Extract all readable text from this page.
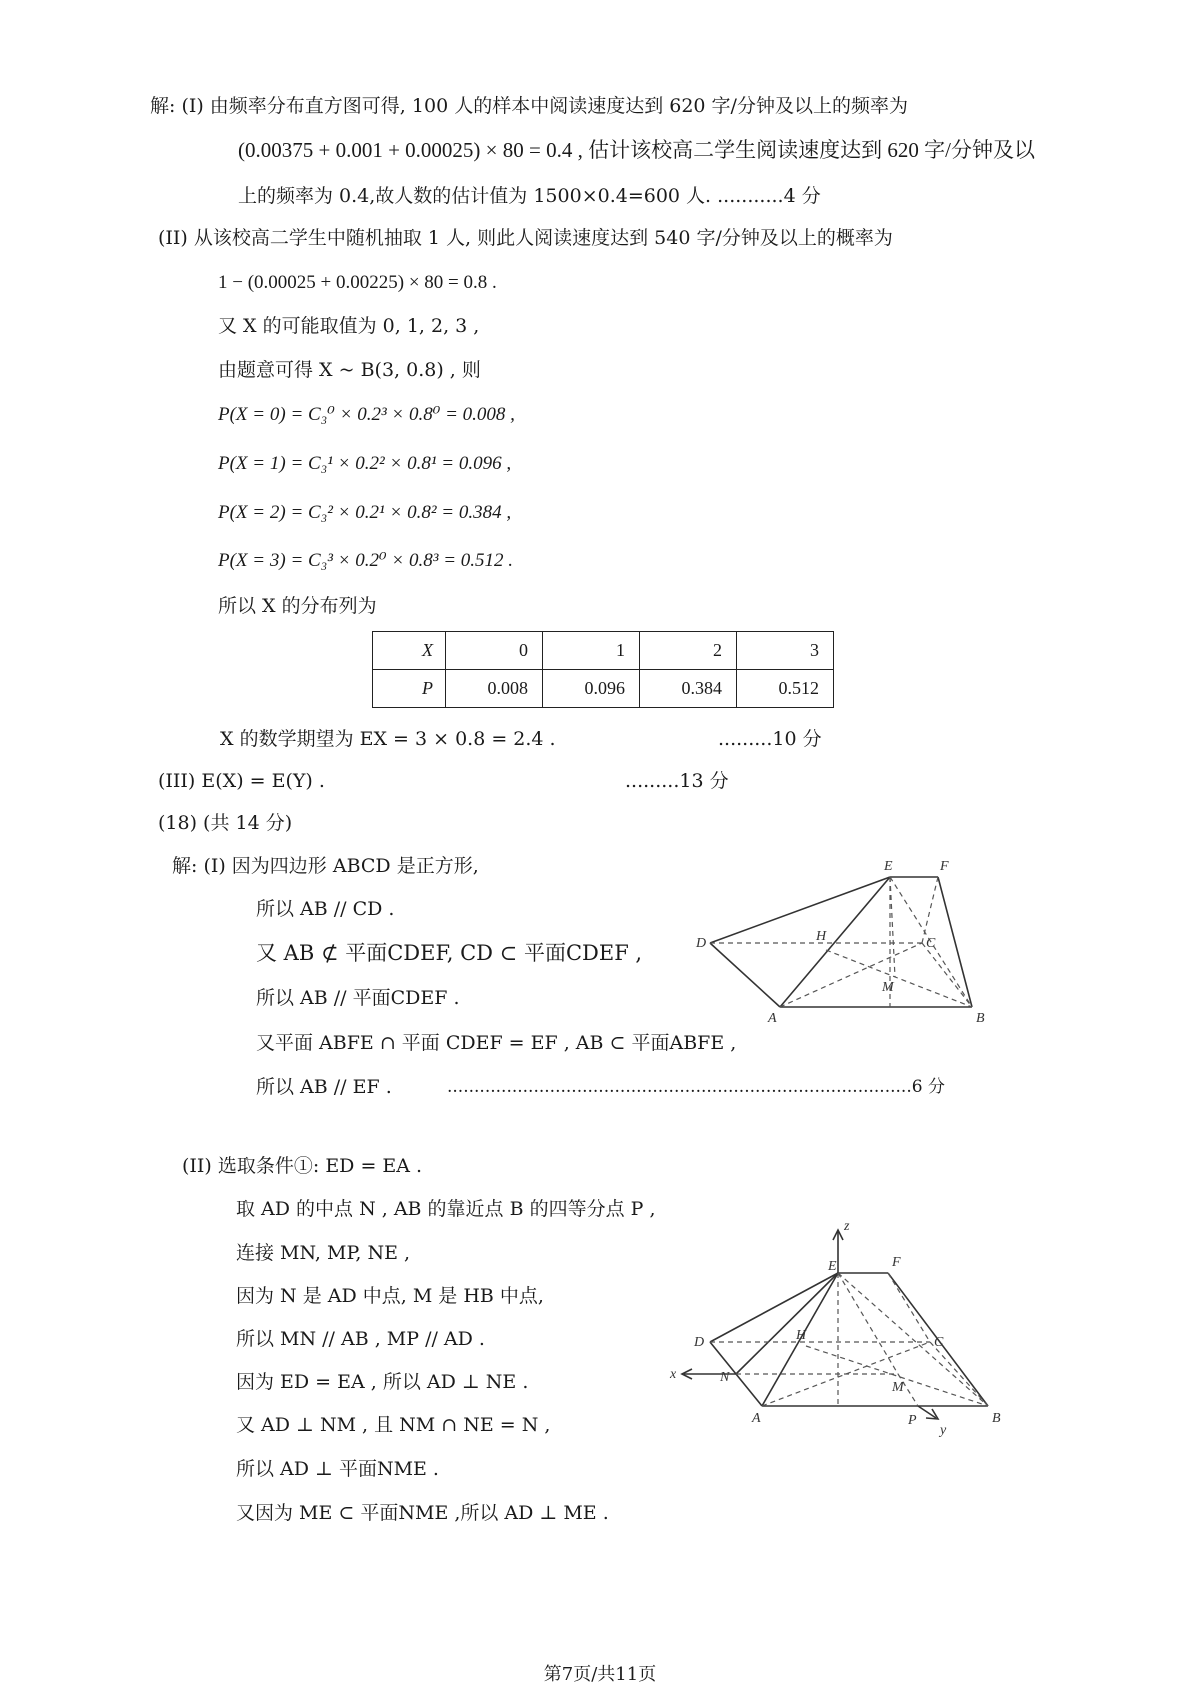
解: (I) 由频率分布直方图可得, 100 人的样本中阅读速度达到 620 字/分钟及以上的频率为
(0.00375 + 0.001 + 0.00025) × 80 = 0.4 , 估计该校高二学生阅读速度达到 620 字/分钟及以
上的频率为 0.4,故人数的估计值为 1500×0.4=600 人. ...........4 分
(II) 从该校高二学生中随机抽取 1 人, 则此人阅读速度达到 540 字/分钟及以上的概率为
1 − (0.00025 + 0.00225) × 80 = 0.8 .
又 X 的可能取值为 0, 1, 2, 3 ,
由题意可得 X ~ B(3, 0.8) , 则
P(X = 0) = C₃⁰ × 0.2³ × 0.8⁰ = 0.008 ,
P(X = 1) = C₃¹ × 0.2² × 0.8¹ = 0.096 ,
P(X = 2) = C₃² × 0.2¹ × 0.8² = 0.384 ,
P(X = 3) = C₃³ × 0.2⁰ × 0.8³ = 0.512 .
所以 X 的分布列为
X	0	1	2	3
P	0.008	0.096	0.384	0.512
X 的数学期望为 EX = 3 × 0.8 = 2.4 .	.........10 分
(III) E(X) = E(Y) .	.........13 分
(18) (共 14 分)
解: (I) 因为四边形 ABCD 是正方形,
所以 AB // CD .
又 AB ⊄ 平面CDEF, CD ⊂ 平面CDEF ,
所以 AB // 平面CDEF .
又平面 ABFE ∩ 平面 CDEF = EF , AB ⊂ 平面ABFE ,
所以 AB // EF .	......................................................................................6 分
(II) 选取条件①: ED = EA .
取 AD 的中点 N , AB 的靠近点 B 的四等分点 P ,
连接 MN, MP, NE ,
因为 N 是 AD 中点, M 是 HB 中点,
所以 MN // AB , MP // AD .
因为 ED = EA , 所以 AD ⊥ NE .
又 AD ⊥ NM , 且 NM ∩ NE = N ,
所以 AD ⊥ 平面NME .
又因为 ME ⊂ 平面NME ,所以 AD ⊥ ME .
E	F
D	H	C
M
A	B
z
E	F
D	H	C
x	N
M
A	P	B
y
第7页/共11页
